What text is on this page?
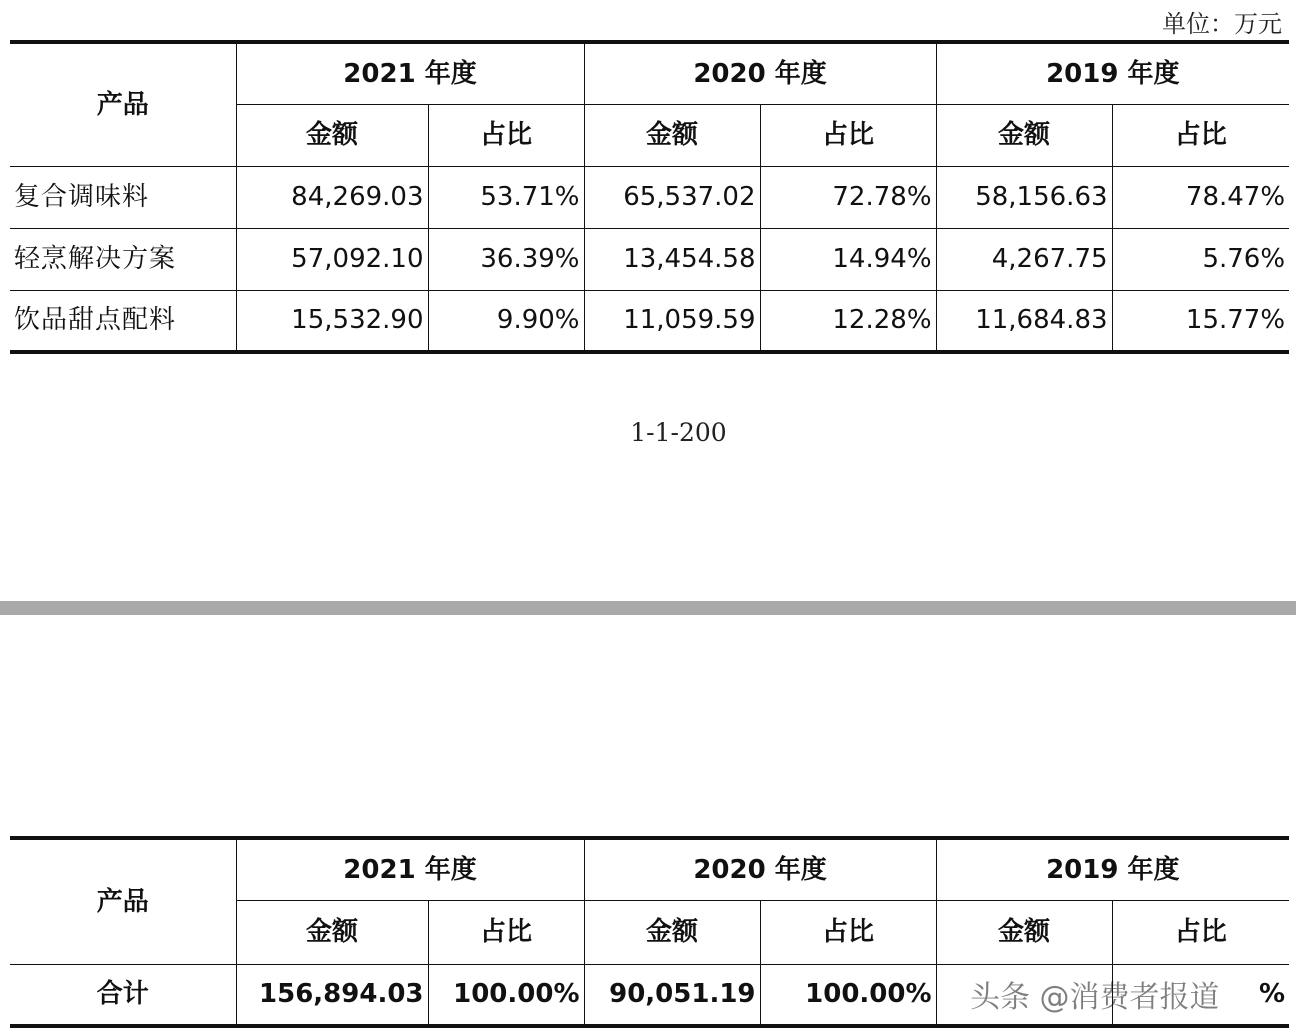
单位：万元
产品	2021 年度		2020 年度		2019 年度	
	金额	占比	金额	占比	金额	占比
复合调味料	84,269.03	53.71%	65,537.02	72.78%	58,156.63	78.47%
轻烹解决方案	57,092.10	36.39%	13,454.58	14.94%	4,267.75	5.76%
饮品甜点配料	15,532.90	9.90%	11,059.59	12.28%	11,684.83	15.77%
1-1-200
产品	2021 年度		2020 年度		2019 年度	
	金额	占比	金额	占比	金额	占比
合计	156,894.03	100.00%	90,051.19	100.00%		%
头条 @消费者报道
